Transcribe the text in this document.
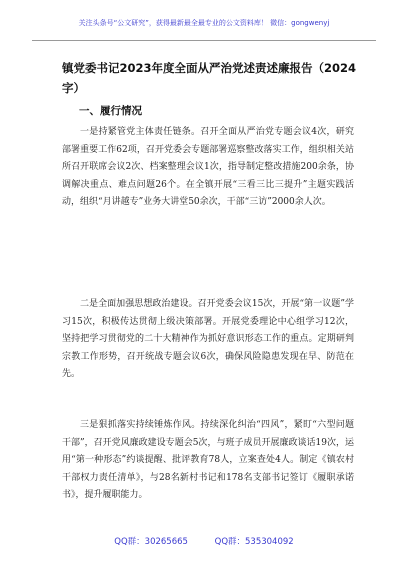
关注头条号“公文研究”，获得最新最全最专业的公文资料库！ 微信：gongwenyj
镇党委书记2023年度全面从严治党述责述廉报告（2024字）
一、履行情况

一是持紧管党主体责任链条。召开全面从严治党专题会议4次，研究部署重要工作62项，召开党委会专题部署巡察整改落实工作，组织相关站所召开联席会议2次、档案整理会议1次，指导制定整改措施200余条，协调解决重点、难点问题26个。在全镇开展“三看三比三提升”主题实践活动，组织“月讲越专”业务大讲堂50余次，干部“三访”2000余人次。

二是全面加强思想政治建设。召开党委会议15次，开展“第一议题”学习15次，积极传达贯彻上级决策部署。开展党委理论中心组学习12次，坚持把学习贯彻党的二十大精神作为抓好意识形态工作的重点。定期研判宗教工作形势，召开统战专题会议6次，确保风险隐患发现在早、防范在先。

三是狠抓落实持续锤炼作风。持续深化纠治“四风”，紧盯“六型问题干部”，召开党风廉政建设专题会5次，与班子成员开展廉政谈话19次，运用“第一种形态”约谈提醒、批评教育78人，立案查处4人。制定《镇农村干部权力责任清单》，与28名新村书记和178名支部书记签订《履职承诺书》，提升履职能力。

QQ群：30265665	QQ群：535304092
